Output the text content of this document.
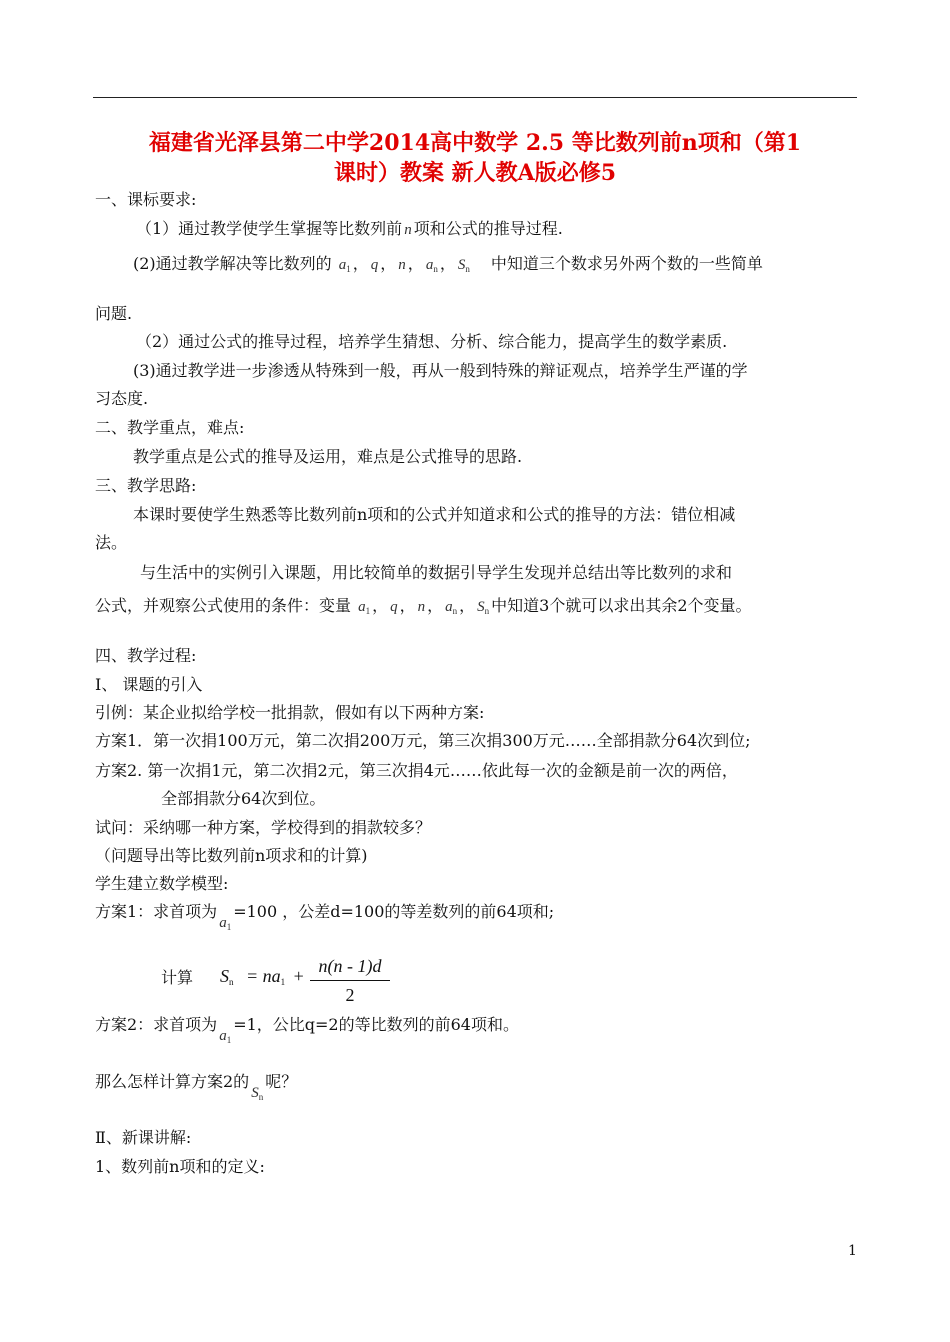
福建省光泽县第二中学2014高中数学 2.5 等比数列前n项和（第1
课时）教案 新人教A版必修5
一、课标要求:
（1）通过教学使学生掌握等比数列前 n 项和公式的推导过程.
(2)通过教学解决等比数列的 $a_1$ ， q ， n ， $a_n$ ， $S_n$ 中知道三个数求另外两个数的一些简单
问题.
（2）通过公式的推导过程，培养学生猜想、分析、综合能力，提高学生的数学素质.
(3)通过教学进一步渗透从特殊到一般，再从一般到特殊的辩证观点，培养学生严谨的学
习态度.
二、教学重点，难点:
教学重点是公式的推导及运用，难点是公式推导的思路.
三、教学思路:
本课时要使学生熟悉等比数列前n项和的公式并知道求和公式的推导的方法：错位相减
法。
与生活中的实例引入课题，用比较简单的数据引导学生发现并总结出等比数列的求和
公式，并观察公式使用的条件：变量 $a_1$ ， q ， n ， $a_n$ ， $S_n$ 中知道3个就可以求出其余2个变量。
四、教学过程:
Ⅰ、 课题的引入
引例：某企业拟给学校一批捐款，假如有以下两种方案:
方案1．第一次捐100万元，第二次捐200万元，第三次捐300万元……全部捐款分64次到位;
方案2. 第一次捐1元，第二次捐2元，第三次捐4元……依此每一次的金额是前一次的两倍，
全部捐款分64次到位。
试问：采纳哪一种方案，学校得到的捐款较多？
（问题导出等比数列前n项求和的计算)
学生建立数学模型:
方案1：求首项为$a_1=100$ ，公差d=100的等差数列的前64项和;
计算 Sn = na1 + n(n - 1)d
2
方案2：求首项为$a_1=1$，公比q=2的等比数列的前64项和。
那么怎样计算方案2的$S_n$呢？
Ⅱ、新课讲解:
1、数列前n项和的定义:
1
